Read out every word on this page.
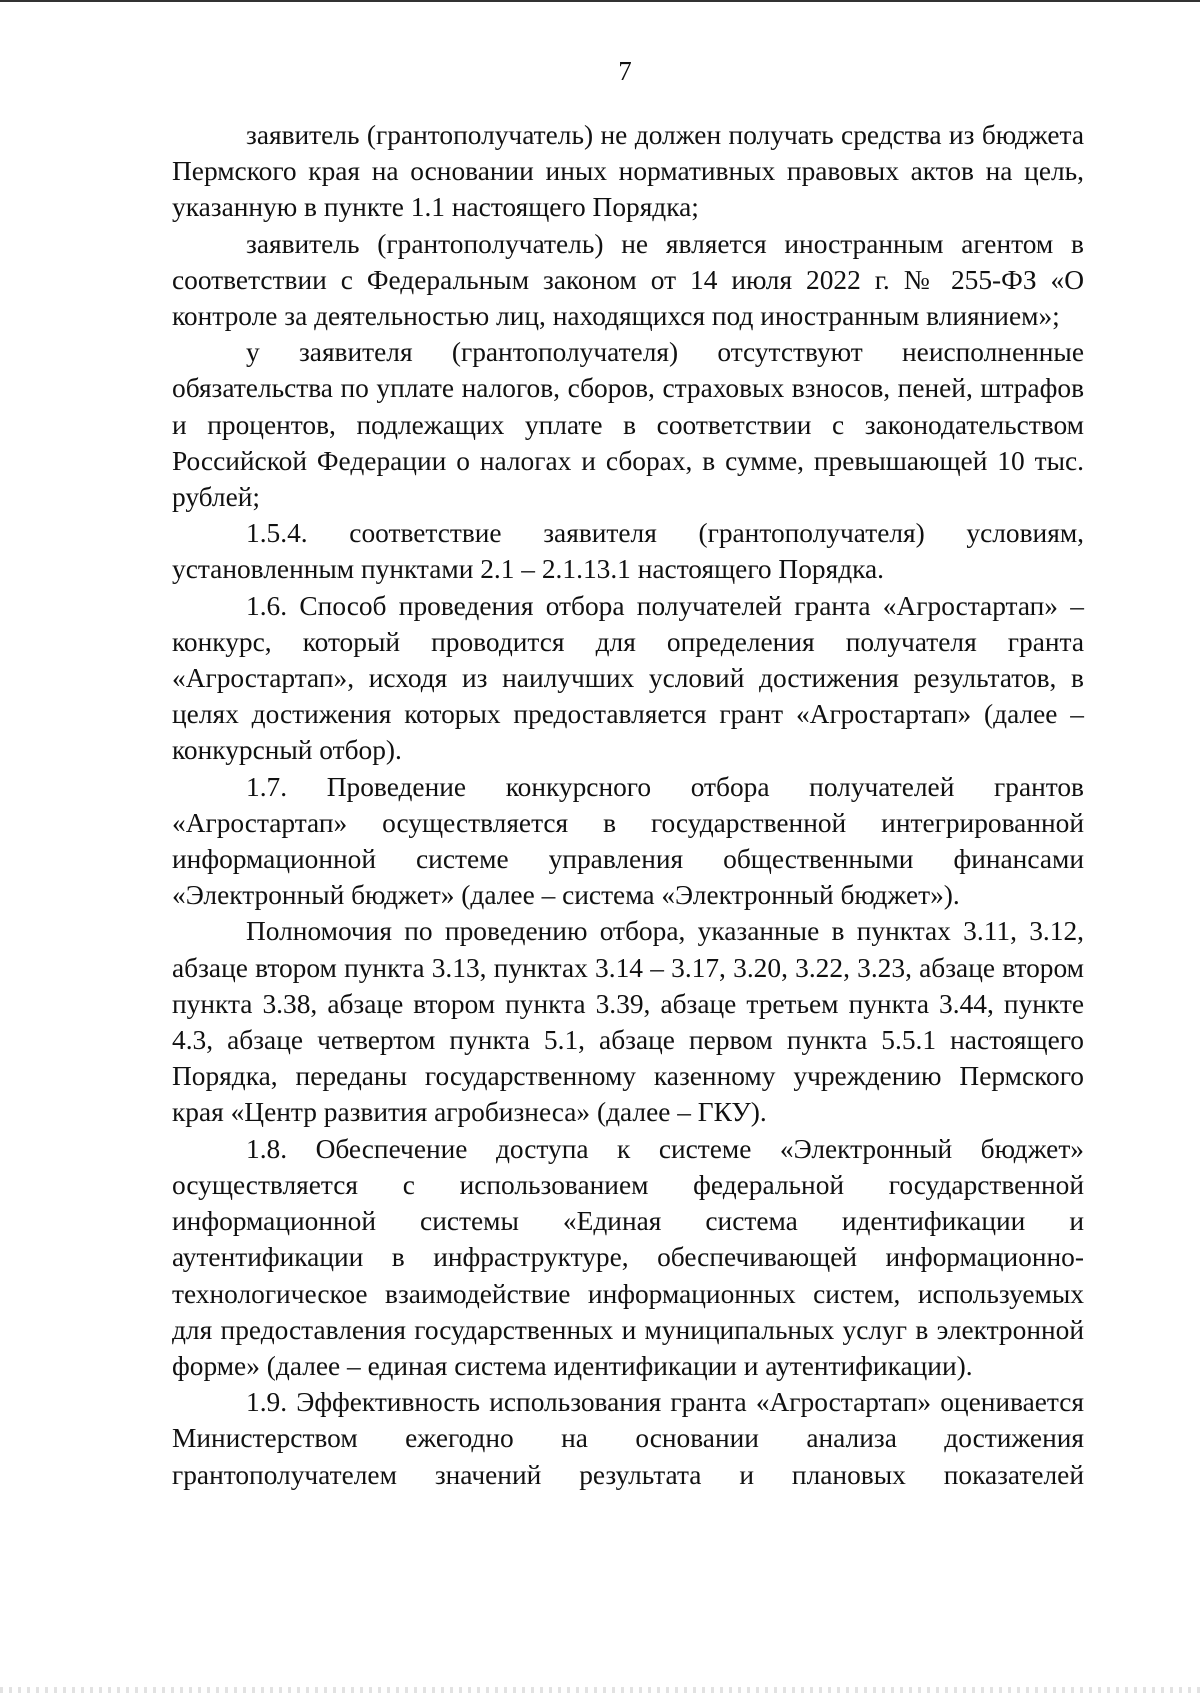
7

заявитель (грантополучатель) не должен получать средства из бюджета Пермского края на основании иных нормативных правовых актов на цель, указанную в пункте 1.1 настоящего Порядка;

заявитель (грантополучатель) не является иностранным агентом в соответствии с Федеральным законом от 14 июля 2022 г. № 255-ФЗ «О контроле за деятельностью лиц, находящихся под иностранным влиянием»;

у заявителя (грантополучателя) отсутствуют неисполненные обязательства по уплате налогов, сборов, страховых взносов, пеней, штрафов и процентов, подлежащих уплате в соответствии с законодательством Российской Федерации о налогах и сборах, в сумме, превышающей 10 тыс. рублей;

1.5.4. соответствие заявителя (грантополучателя) условиям, установленным пунктами 2.1 – 2.1.13.1 настоящего Порядка.

1.6. Способ проведения отбора получателей гранта «Агростартап» – конкурс, который проводится для определения получателя гранта «Агростартап», исходя из наилучших условий достижения результатов, в целях достижения которых предоставляется грант «Агростартап» (далее – конкурсный отбор).

1.7. Проведение конкурсного отбора получателей грантов «Агростартап» осуществляется в государственной интегрированной информационной системе управления общественными финансами «Электронный бюджет» (далее – система «Электронный бюджет»).

Полномочия по проведению отбора, указанные в пунктах 3.11, 3.12, абзаце втором пункта 3.13, пунктах 3.14 – 3.17, 3.20, 3.22, 3.23, абзаце втором пункта 3.38, абзаце втором пункта 3.39, абзаце третьем пункта 3.44, пункте 4.3, абзаце четвертом пункта 5.1, абзаце первом пункта 5.5.1 настоящего Порядка, переданы государственному казенному учреждению Пермского края «Центр развития агробизнеса» (далее – ГКУ).

1.8. Обеспечение доступа к системе «Электронный бюджет» осуществляется с использованием федеральной государственной информационной системы «Единая система идентификации и аутентификации в инфраструктуре, обеспечивающей информационно-технологическое взаимодействие информационных систем, используемых для предоставления государственных и муниципальных услуг в электронной форме» (далее – единая система идентификации и аутентификации).

1.9. Эффективность использования гранта «Агростартап» оценивается Министерством ежегодно на основании анализа достижения грантополучателем значений результата и плановых показателей
